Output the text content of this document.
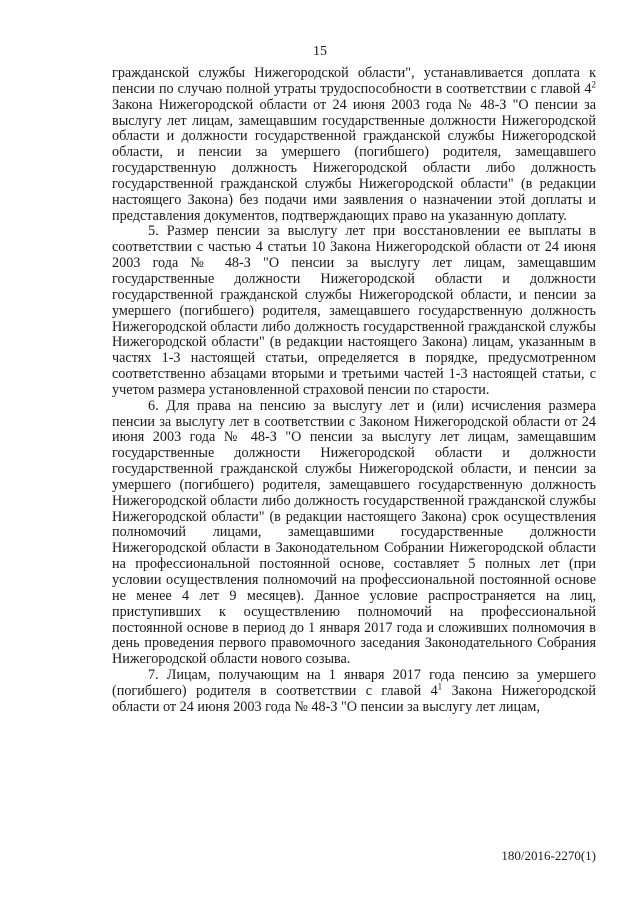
15

гражданской службы Нижегородской области", устанавливается доплата к пенсии по случаю полной утраты трудоспособности в соответствии с главой $4^2$ Закона Нижегородской области от 24 июня 2003 года № 48-З "О пенсии за выслугу лет лицам, замещавшим государственные должности Нижегородской области и должности государственной гражданской службы Нижегородской области, и пенсии за умершего (погибшего) родителя, замещавшего государственную должность Нижегородской области либо должность государственной гражданской службы Нижегородской области" (в редакции настоящего Закона) без подачи ими заявления о назначении этой доплаты и представления документов, подтверждающих право на указанную доплату.

5. Размер пенсии за выслугу лет при восстановлении ее выплаты в соответствии с частью 4 статьи 10 Закона Нижегородской области от 24 июня 2003 года № 48-З "О пенсии за выслугу лет лицам, замещавшим государственные должности Нижегородской области и должности государственной гражданской службы Нижегородской области, и пенсии за умершего (погибшего) родителя, замещавшего государственную должность Нижегородской области либо должность государственной гражданской службы Нижегородской области" (в редакции настоящего Закона) лицам, указанным в частях 1-3 настоящей статьи, определяется в порядке, предусмотренном соответственно абзацами вторыми и третьими частей 1-3 настоящей статьи, с учетом размера установленной страховой пенсии по старости.

6. Для права на пенсию за выслугу лет и (или) исчисления размера пенсии за выслугу лет в соответствии с Законом Нижегородской области от 24 июня 2003 года № 48-З "О пенсии за выслугу лет лицам, замещавшим государственные должности Нижегородской области и должности государственной гражданской службы Нижегородской области, и пенсии за умершего (погибшего) родителя, замещавшего государственную должность Нижегородской области либо должность государственной гражданской службы Нижегородской области" (в редакции настоящего Закона) срок осуществления полномочий лицами, замещавшими государственные должности Нижегородской области в Законодательном Собрании Нижегородской области на профессиональной постоянной основе, составляет 5 полных лет (при условии осуществления полномочий на профессиональной постоянной основе не менее 4 лет 9 месяцев). Данное условие распространяется на лиц, приступивших к осуществлению полномочий на профессиональной постоянной основе в период до 1 января 2017 года и сложивших полномочия в день проведения первого правомочного заседания Законодательного Собрания Нижегородской области нового созыва.

7. Лицам, получающим на 1 января 2017 года пенсию за умершего (погибшего) родителя в соответствии с главой $4^1$ Закона Нижегородской области от 24 июня 2003 года № 48-З "О пенсии за выслугу лет лицам,

180/2016-2270(1)
